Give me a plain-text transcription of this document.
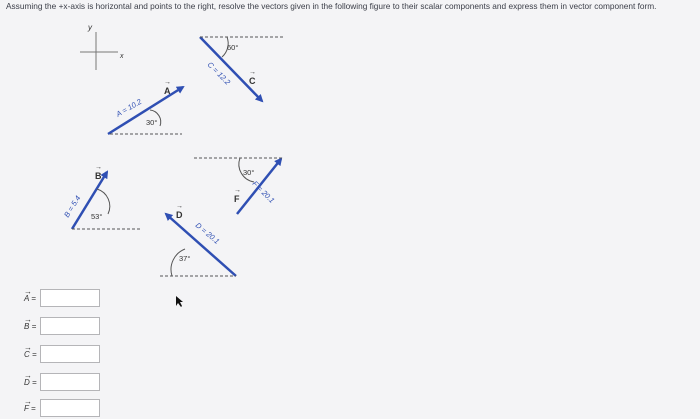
Assuming the +x-axis is horizontal and points to the right, resolve the vectors given in the following figure to their scalar components and express them in vector component form.
y
x
30°
A = 10.2
A
→
60°
C = 12.2 C
→
53°
B = 5.4
B
→
37°
D = 20.1
D
→
30°
F = 20.1
F
→
→
A =
→
B =
→
C =
→
D =
→
F =
